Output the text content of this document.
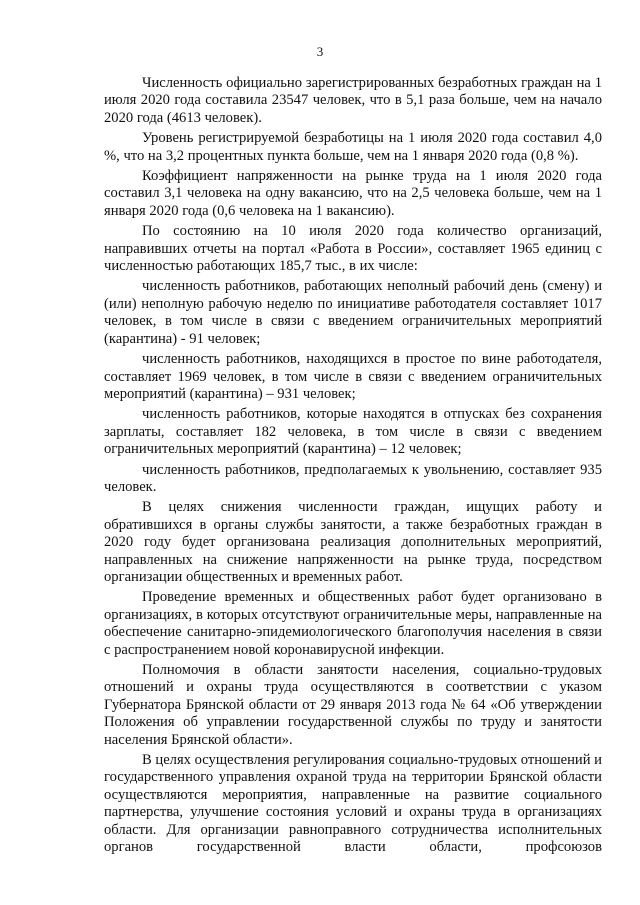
3

Численность официально зарегистрированных безработных граждан на 1 июля 2020 года составила 23547 человек, что в 5,1 раза больше, чем на начало 2020 года (4613 человек).

Уровень регистрируемой безработицы на 1 июля 2020 года составил 4,0 %, что на 3,2 процентных пункта больше, чем на 1 января 2020 года (0,8 %).

Коэффициент напряженности на рынке труда на 1 июля 2020 года составил 3,1 человека на одну вакансию, что на 2,5 человека больше, чем на 1 января 2020 года (0,6 человека на 1 вакансию).

По состоянию на 10 июля 2020 года количество организаций, направивших отчеты на портал «Работа в России», составляет 1965 единиц с численностью работающих 185,7 тыс., в их числе:

численность работников, работающих неполный рабочий день (смену) и (или) неполную рабочую неделю по инициативе работодателя составляет 1017 человек, в том числе в связи с введением ограничительных мероприятий (карантина) - 91 человек;

численность работников, находящихся в простое по вине работодателя, составляет 1969 человек, в том числе в связи с введением ограничительных мероприятий (карантина) – 931 человек;

численность работников, которые находятся в отпусках без сохранения зарплаты, составляет 182 человека, в том числе в связи с введением ограничительных мероприятий (карантина) – 12 человек;

численность работников, предполагаемых к увольнению, составляет 935 человек.

В целях снижения численности граждан, ищущих работу и обратившихся в органы службы занятости, а также безработных граждан в 2020 году будет организована реализация дополнительных мероприятий, направленных на снижение напряженности на рынке труда, посредством организации общественных и временных работ.

Проведение временных и общественных работ будет организовано в организациях, в которых отсутствуют ограничительные меры, направленные на обеспечение санитарно-эпидемиологического благополучия населения в связи с распространением новой коронавирусной инфекции.

Полномочия в области занятости населения, социально-трудовых отношений и охраны труда осуществляются в соответствии с указом Губернатора Брянской области от 29 января 2013 года № 64 «Об утверждении Положения об управлении государственной службы по труду и занятости населения Брянской области».

В целях осуществления регулирования социально-трудовых отношений и государственного управления охраной труда на территории Брянской области осуществляются мероприятия, направленные на развитие социального партнерства, улучшение состояния условий и охраны труда в организациях области. Для организации равноправного сотрудничества исполнительных органов государственной власти области, профсоюзов
